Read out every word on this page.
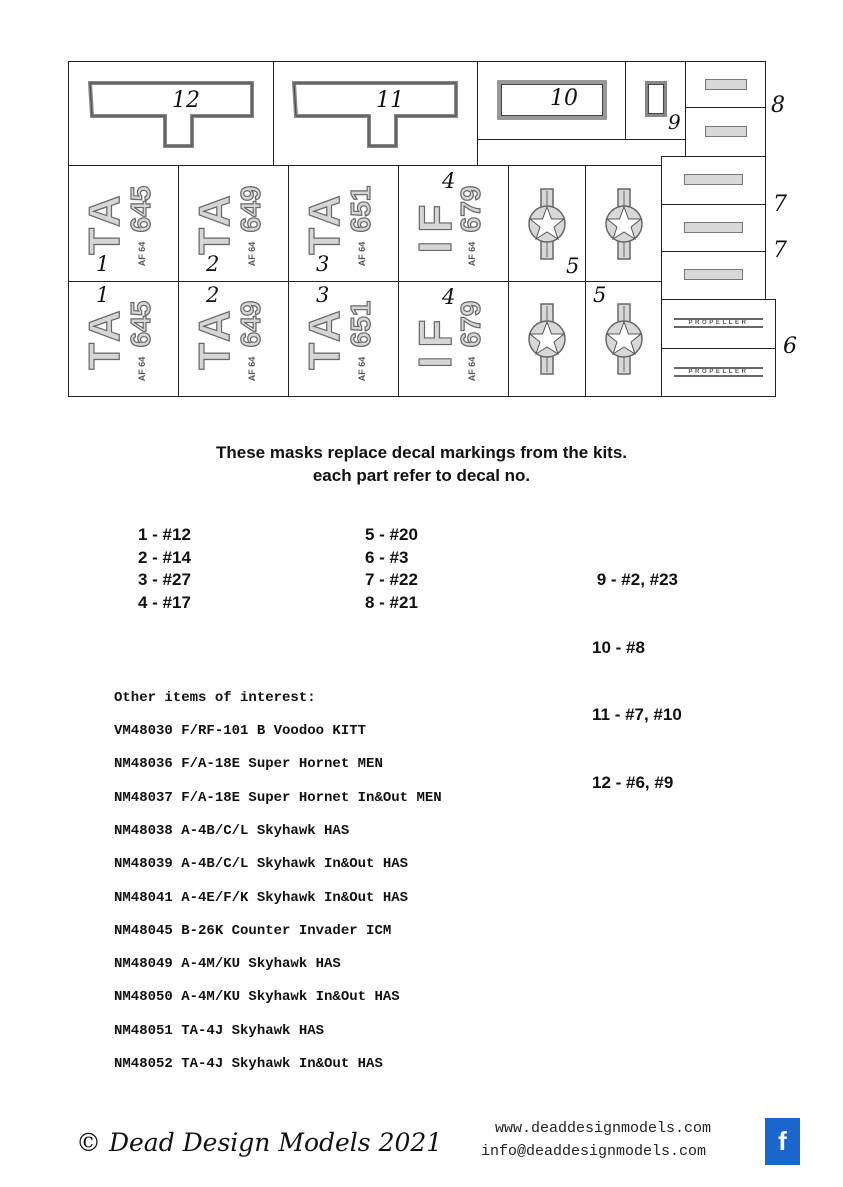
12	11	10
9
8
7
7
PROPELLER
PROPELLER
6
TA
645
AF 64
1
TA
649
AF 64
2
TA
651
AF 64
3
IF
679
AF 64
4
5
TA
645
AF 64
1
TA
649
AF 64
2
TA
651
AF 64
3
IF
679
AF 64
4	5
These masks replace decal markings from the kits.
each part refer to decal no.
1 - #12
2 - #14
3 - #27
4 - #17
5 - #20
6 - #3
7 - #22
8 - #21

9 - #2, #23

10 - #8

11 - #7, #10

12 - #6, #9

Other items of interest:
VM48030 F/RF-101 B Voodoo KITT
NM48036 F/A-18E Super Hornet MEN
NM48037 F/A-18E Super Hornet In&Out MEN
NM48038 A-4B/C/L Skyhawk HAS
NM48039 A-4B/C/L Skyhawk In&Out HAS
NM48041 A-4E/F/K Skyhawk In&Out HAS
NM48045 B-26K Counter Invader ICM
NM48049 A-4M/KU Skyhawk HAS
NM48050 A-4M/KU Skyhawk In&Out HAS
NM48051 TA-4J Skyhawk HAS
NM48052 TA-4J Skyhawk In&Out HAS
© Dead Design Models 2021	www.deaddesignmodels.com
info@deaddesignmodels.com	f
